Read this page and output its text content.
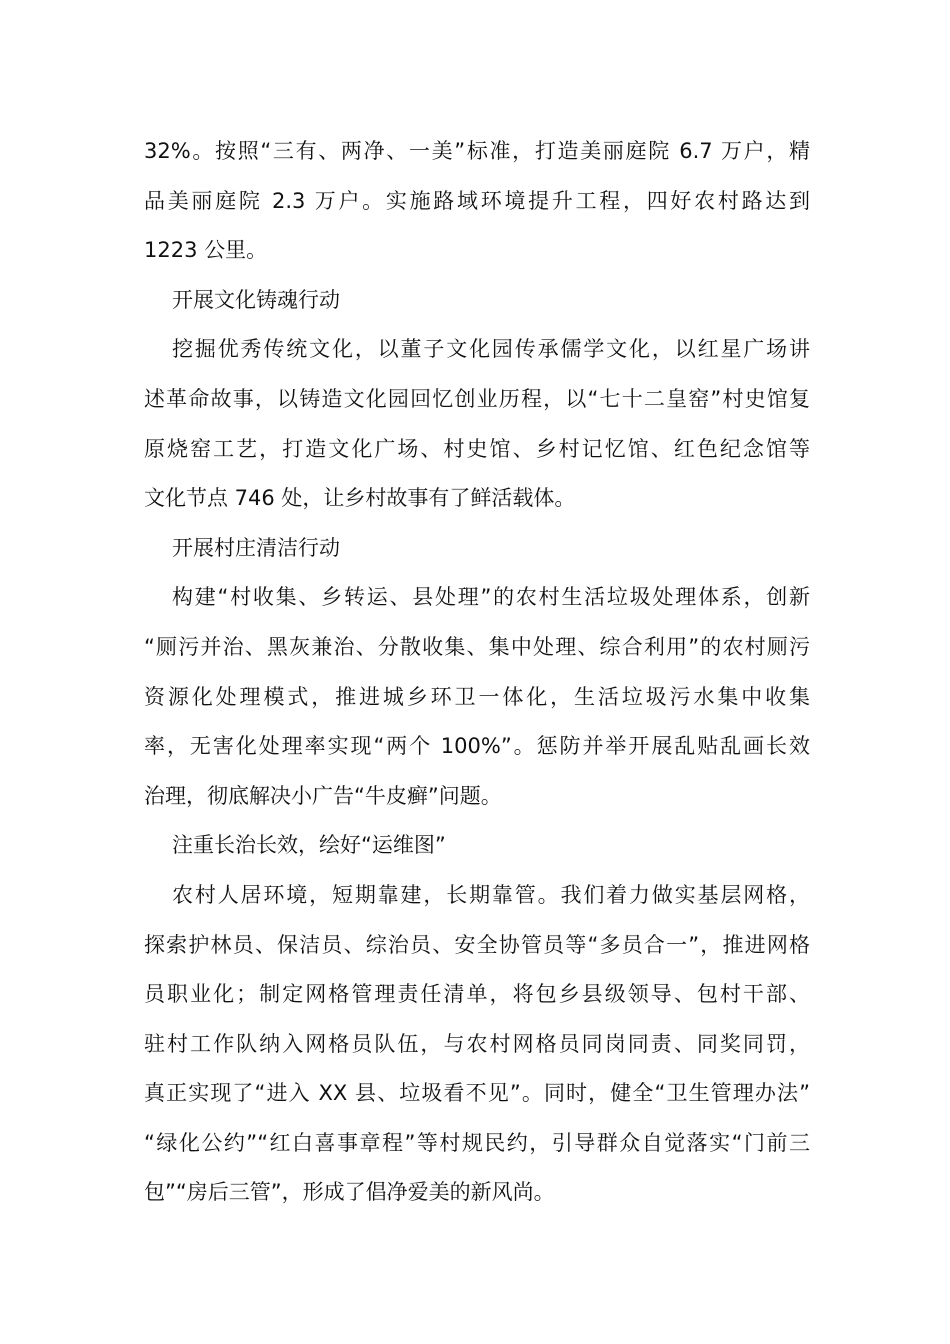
32%。按照“三有、两净、一美”标准，打造美丽庭院 6.7 万户，精
品美丽庭院 2.3 万户。实施路域环境提升工程，四好农村路达到
1223 公里。
开展文化铸魂行动
挖掘优秀传统文化，以董子文化园传承儒学文化，以红星广场讲
述革命故事，以铸造文化园回忆创业历程，以“七十二皇窑”村史馆复
原烧窑工艺，打造文化广场、村史馆、乡村记忆馆、红色纪念馆等
文化节点 746 处，让乡村故事有了鲜活载体。
开展村庄清洁行动
构建“村收集、乡转运、县处理”的农村生活垃圾处理体系，创新
“厕污并治、黑灰兼治、分散收集、集中处理、综合利用”的农村厕污
资源化处理模式，推进城乡环卫一体化，生活垃圾污水集中收集
率，无害化处理率实现“两个 100%”。惩防并举开展乱贴乱画长效
治理，彻底解决小广告“牛皮癣”问题。
注重长治长效，绘好“运维图”
农村人居环境，短期靠建，长期靠管。我们着力做实基层网格，
探索护林员、保洁员、综治员、安全协管员等“多员合一”，推进网格
员职业化；制定网格管理责任清单，将包乡县级领导、包村干部、
驻村工作队纳入网格员队伍，与农村网格员同岗同责、同奖同罚，
真正实现了“进入 XX 县、垃圾看不见”。同时，健全“卫生管理办法”
“绿化公约”“红白喜事章程”等村规民约，引导群众自觉落实“门前三
包”“房后三管”，形成了倡净爱美的新风尚。
